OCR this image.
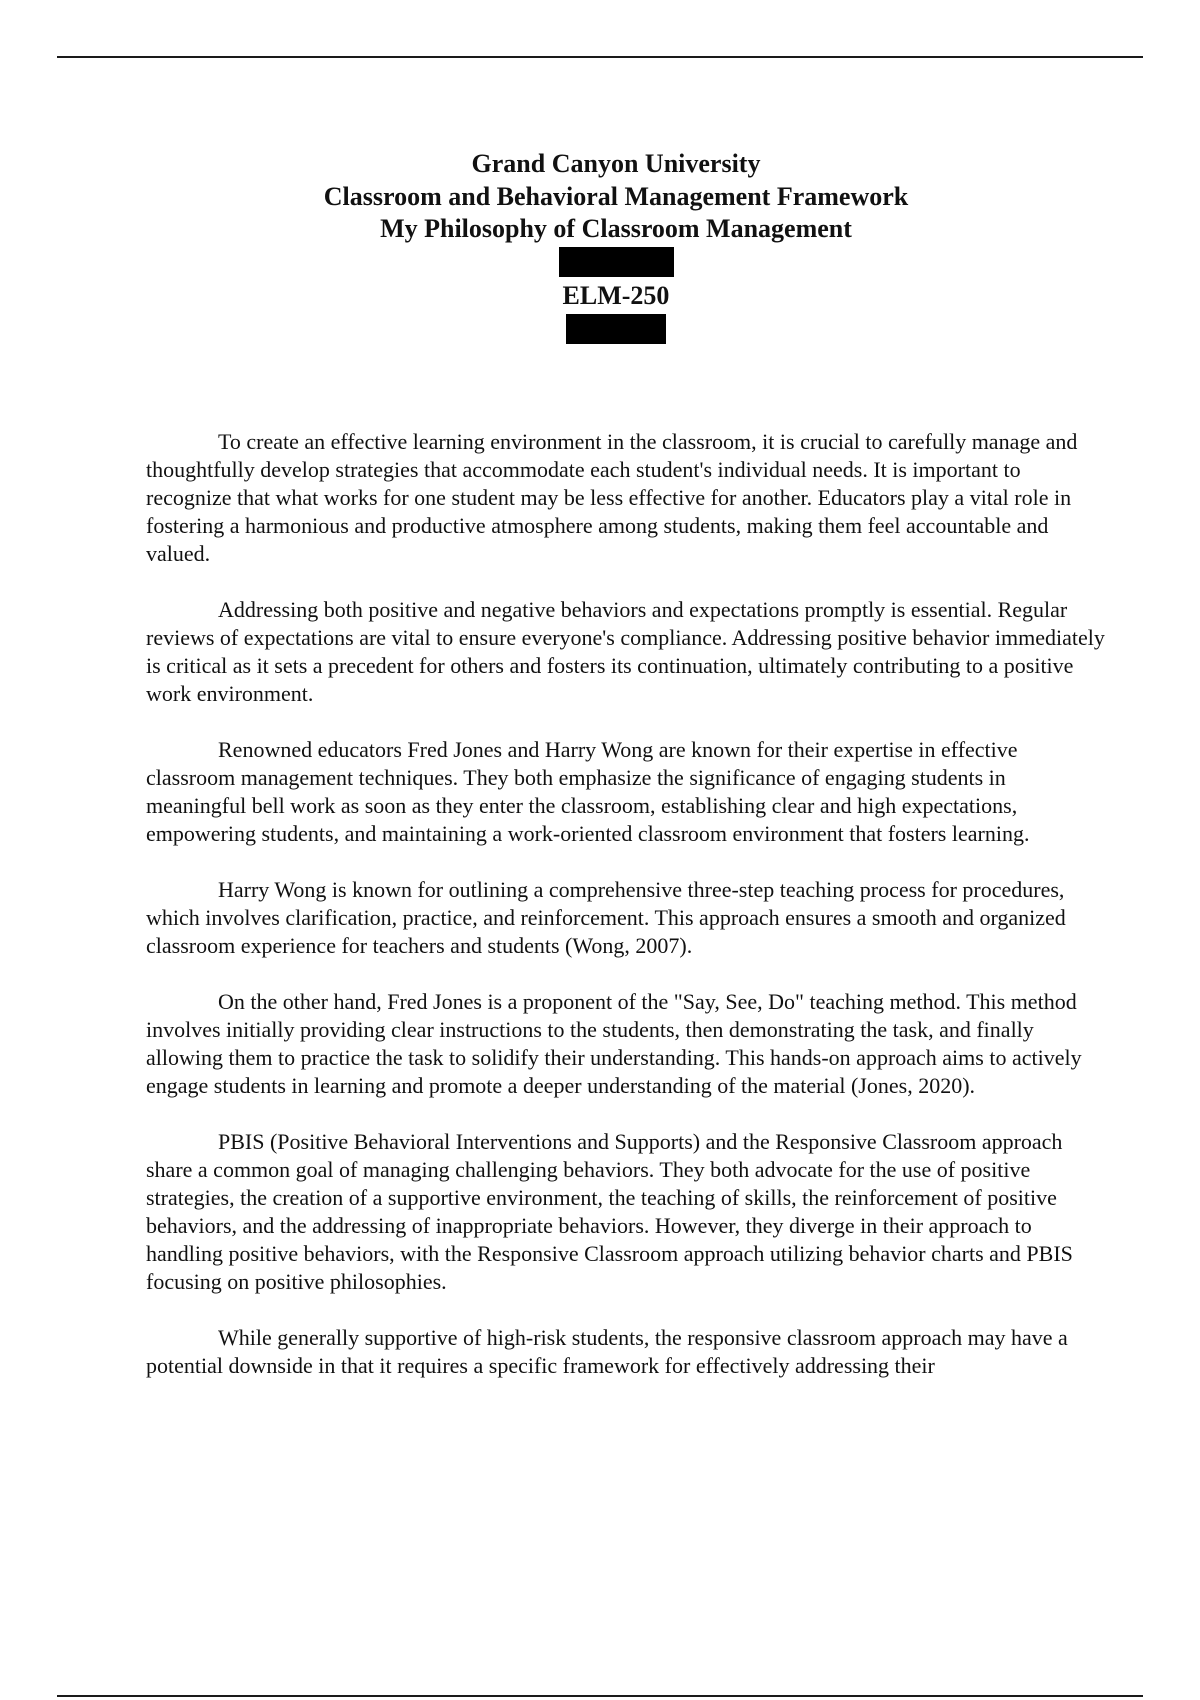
Grand Canyon University
Classroom and Behavioral Management Framework
My Philosophy of Classroom Management
ELM-250

To create an effective learning environment in the classroom, it is crucial to carefully manage and thoughtfully develop strategies that accommodate each student's individual needs. It is important to recognize that what works for one student may be less effective for another. Educators play a vital role in fostering a harmonious and productive atmosphere among students, making them feel accountable and valued.

Addressing both positive and negative behaviors and expectations promptly is essential. Regular reviews of expectations are vital to ensure everyone's compliance. Addressing positive behavior immediately is critical as it sets a precedent for others and fosters its continuation, ultimately contributing to a positive work environment.

Renowned educators Fred Jones and Harry Wong are known for their expertise in effective classroom management techniques. They both emphasize the significance of engaging students in meaningful bell work as soon as they enter the classroom, establishing clear and high expectations, empowering students, and maintaining a work-oriented classroom environment that fosters learning.

Harry Wong is known for outlining a comprehensive three-step teaching process for procedures, which involves clarification, practice, and reinforcement. This approach ensures a smooth and organized classroom experience for teachers and students (Wong, 2007).

On the other hand, Fred Jones is a proponent of the "Say, See, Do" teaching method. This method involves initially providing clear instructions to the students, then demonstrating the task, and finally allowing them to practice the task to solidify their understanding. This hands-on approach aims to actively engage students in learning and promote a deeper understanding of the material (Jones, 2020).

PBIS (Positive Behavioral Interventions and Supports) and the Responsive Classroom approach share a common goal of managing challenging behaviors. They both advocate for the use of positive strategies, the creation of a supportive environment, the teaching of skills, the reinforcement of positive behaviors, and the addressing of inappropriate behaviors. However, they diverge in their approach to handling positive behaviors, with the Responsive Classroom approach utilizing behavior charts and PBIS focusing on positive philosophies.

While generally supportive of high-risk students, the responsive classroom approach may have a potential downside in that it requires a specific framework for effectively addressing their
